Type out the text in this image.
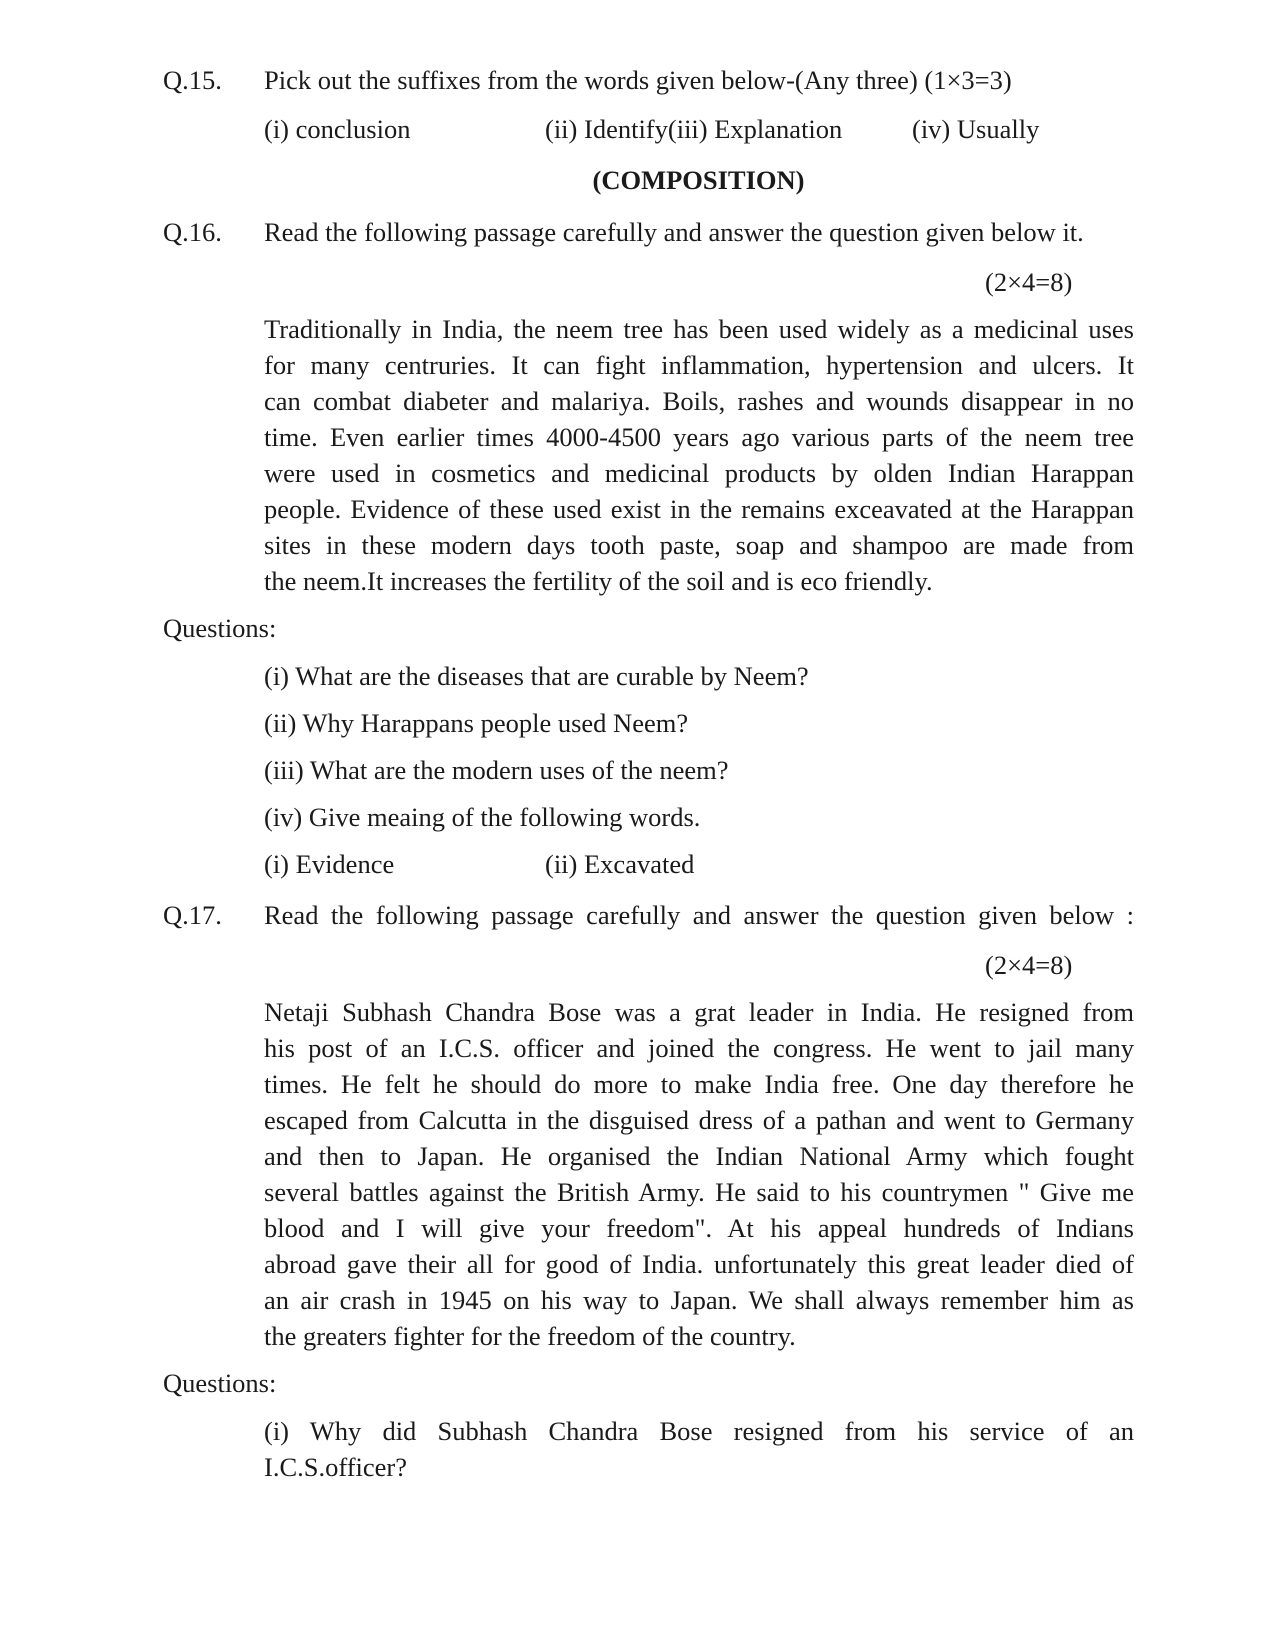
Q.15. Pick out the suffixes from the words given below-(Any three) (1×3=3)
(i) conclusion	(ii) Identify(iii) Explanation	(iv) Usually
(COMPOSITION)
Q.16. Read the following passage carefully and answer the question given below it.
(2×4=8)
Traditionally in India, the neem tree has been used widely as a medicinal uses
for many centruries. It can fight inflammation, hypertension and ulcers. It
can combat diabeter and malariya. Boils, rashes and wounds disappear in no
time. Even earlier times 4000-4500 years ago various parts of the neem tree
were used in cosmetics and medicinal products by olden Indian Harappan
people. Evidence of these used exist in the remains exceavated at the Harappan
sites in these modern days tooth paste, soap and shampoo are made from
the neem.It increases the fertility of the soil and is eco friendly.
Questions:
(i) What are the diseases that are curable by Neem?
(ii) Why Harappans people used Neem?
(iii) What are the modern uses of the neem?
(iv) Give meaing of the following words.
(i) Evidence	(ii) Excavated
Q.17. Read the following passage carefully and answer the question given below :
(2×4=8)
Netaji Subhash Chandra Bose was a grat leader in India. He resigned from
his post of an I.C.S. officer and joined the congress. He went to jail many
times. He felt he should do more to make India free. One day therefore he
escaped from Calcutta in the disguised dress of a pathan and went to Germany
and then to Japan. He organised the Indian National Army which fought
several battles against the British Army. He said to his countrymen " Give me
blood and I will give your freedom". At his appeal hundreds of Indians
abroad gave their all for good of India. unfortunately this great leader died of
an air crash in 1945 on his way to Japan. We shall always remember him as
the greaters fighter for the freedom of the country.
Questions:
(i) Why did Subhash Chandra Bose resigned from his service of an
I.C.S.officer?
